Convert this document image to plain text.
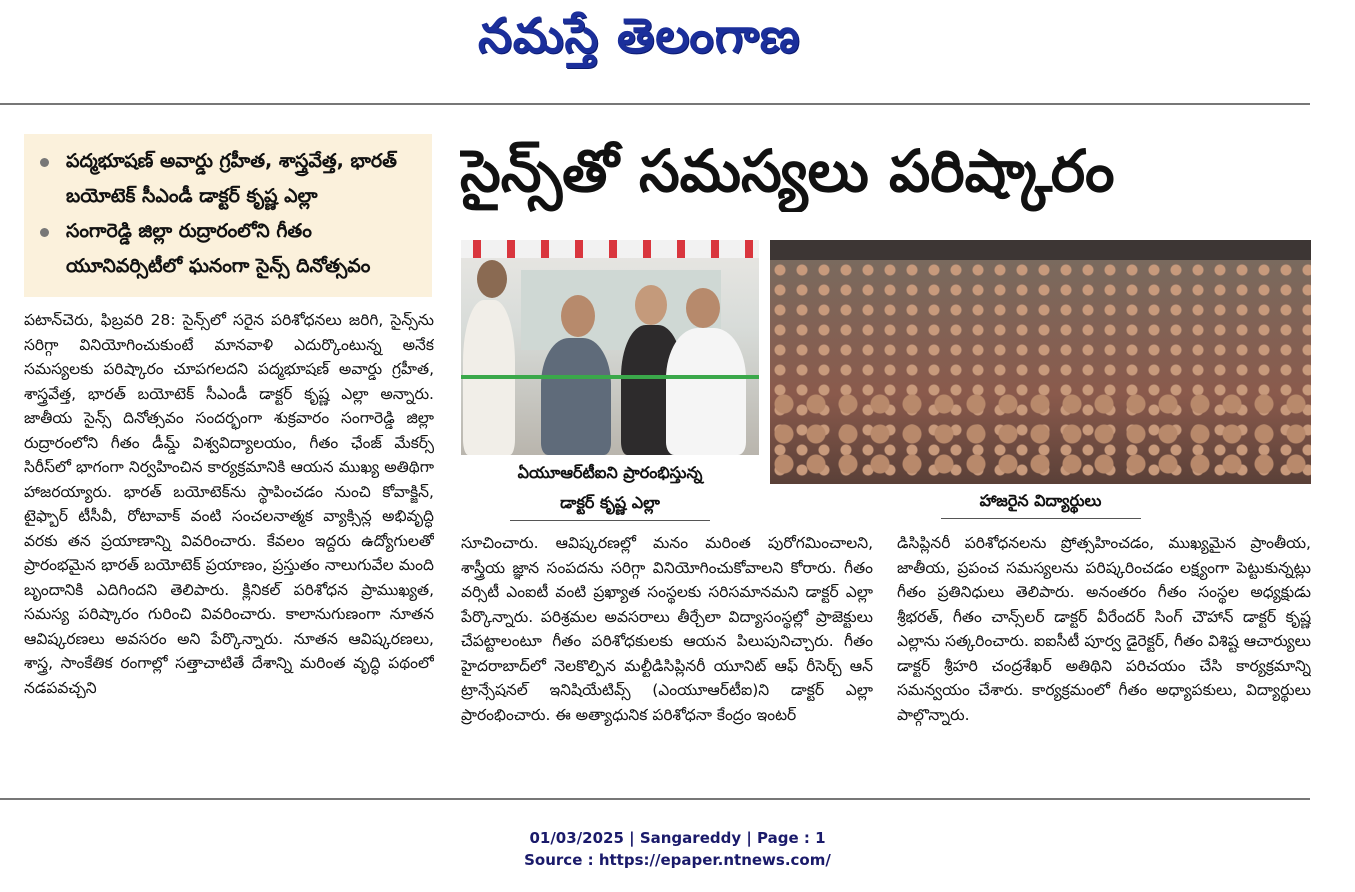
నమస్తే తెలంగాణ
పద్మభూషణ్ అవార్డు గ్రహీత, శాస్త్రవేత్త, భారత్ బయోటెక్ సీఎండీ డాక్టర్ కృష్ణ ఎల్లా
సంగారెడ్డి జిల్లా రుద్రారంలోని గీతం యూనివర్సిటీలో ఘనంగా సైన్స్ దినోత్సవం
సైన్స్‌తో సమస్యలు పరిష్కారం
ఏయూఆర్‌టీఐని ప్రారంభిస్తున్న
డాక్టర్ కృష్ణ ఎల్లా	హాజరైన విద్యార్థులు

పటాన్‌చెరు, ఫిబ్రవరి 28: సైన్స్‌లో సరైన పరిశోధనలు జరిగి, సైన్స్‌ను సరిగ్గా వినియోగించుకుంటే మానవాళి ఎదుర్కొంటున్న అనేక సమస్యలకు పరిష్కారం చూపగలదని పద్మభూషణ్ అవార్డు గ్రహీత, శాస్త్రవేత్త, భారత్ బయోటెక్ సీఎండీ డాక్టర్ కృష్ణ ఎల్లా అన్నారు. జాతీయ సైన్స్ దినోత్సవం సందర్భంగా శుక్రవారం సంగారెడ్డి జిల్లా రుద్రారంలోని గీతం డీమ్డ్ విశ్వవిద్యాలయం, గీతం ఛేంజ్ మేకర్స్ సిరీస్‌లో భాగంగా నిర్వహించిన కార్యక్రమానికి ఆయన ముఖ్య అతిథిగా హాజరయ్యారు. భారత్ బయోటెక్‌ను స్థాపించడం నుంచి కోవాక్జిన్, టైఫ్బార్ టీసీవీ, రోటావాక్ వంటి సంచలనాత్మక వ్యాక్సిన్ల అభివృద్ధి వరకు తన ప్రయాణాన్ని వివరించారు. కేవలం ఇద్దరు ఉద్యోగులతో ప్రారంభమైన భారత్ బయోటెక్ ప్రయాణం, ప్రస్తుతం నాలుగువేల మంది బృందానికి ఎదిగిందని తెలిపారు. క్లినికల్ పరిశోధన ప్రాముఖ్యత, సమస్య పరిష్కారం గురించి వివరించారు. కాలానుగుణంగా నూతన ఆవిష్కరణలు అవసరం అని పేర్కొన్నారు. నూతన ఆవిష్కరణలు, శాస్త్ర, సాంకేతిక రంగాల్లో సత్తాచాటితే దేశాన్ని మరింత వృద్ధి పథంలో నడపవచ్చని

సూచించారు. ఆవిష్కరణల్లో మనం మరింత పురోగమించాలని, శాస్త్రీయ జ్ఞాన సంపదను సరిగ్గా వినియోగించుకోవాలని కోరారు. గీతం వర్సిటీ ఎంఐటీ వంటి ప్రఖ్యాత సంస్థలకు సరిసమానమని డాక్టర్ ఎల్లా పేర్కొన్నారు. పరిశ్రమల అవసరాలు తీర్చేలా విద్యాసంస్థల్లో ప్రాజెక్టులు చేపట్టాలంటూ గీతం పరిశోధకులకు ఆయన పిలుపునిచ్చారు. గీతం హైదరాబాద్‌లో నెలకొల్పిన మల్టీడిసిప్లినరీ యూనిట్ ఆఫ్ రీసెర్చ్ ఆన్ ట్రాన్సేషనల్ ఇనిషియేటివ్స్ (ఎంయూఆర్‌టీఐ)ని డాక్టర్ ఎల్లా ప్రారంభించారు. ఈ అత్యాధునిక పరిశోధనా కేంద్రం ఇంటర్

డిసిప్లినరీ పరిశోధనలను ప్రోత్సహించడం, ముఖ్యమైన ప్రాంతీయ, జాతీయ, ప్రపంచ సమస్యలను పరిష్కరించడం లక్ష్యంగా పెట్టుకున్నట్లు గీతం ప్రతినిధులు తెలిపారు. అనంతరం గీతం సంస్థల అధ్యక్షుడు శ్రీభరత్, గీతం చాన్స్‌లర్ డాక్టర్ వీరేందర్ సింగ్ చౌహాన్ డాక్టర్ కృష్ణ ఎల్లాను సత్కరించారు. ఐఐసీటీ పూర్వ డైరెక్టర్, గీతం విశిష్ట ఆచార్యులు డాక్టర్ శ్రీహరి చంద్రశేఖర్ అతిథిని పరిచయం చేసి కార్యక్రమాన్ని సమన్వయం చేశారు. కార్యక్రమంలో గీతం అధ్యాపకులు, విద్యార్థులు పాల్గొన్నారు.

01/03/2025 | Sangareddy | Page : 1
Source : https://epaper.ntnews.com/
